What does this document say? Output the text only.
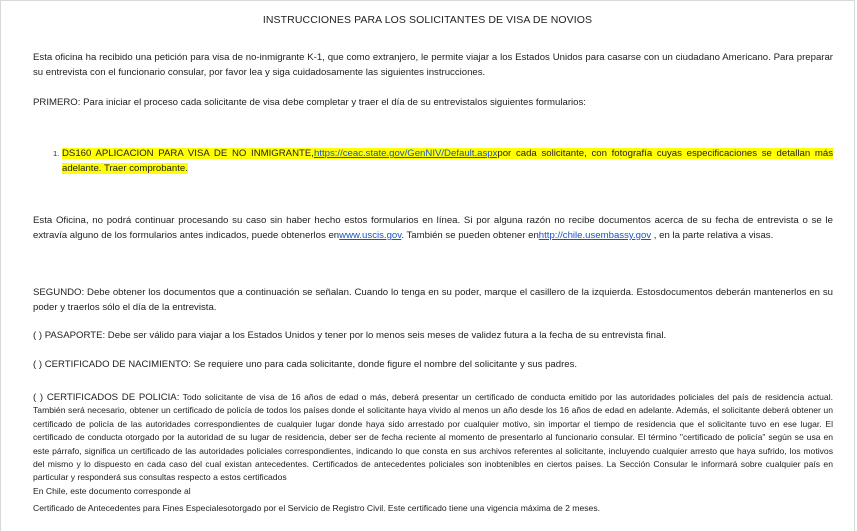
INSTRUCCIONES PARA LOS SOLICITANTES DE VISA DE NOVIOS
Esta oficina ha recibido una petición para visa de no-inmigrante K-1, que como extranjero, le permite viajar a los Estados Unidos para casarse con un ciudadano Americano. Para preparar su entrevista con el funcionario consular, por favor lea y siga cuidadosamente las siguientes instrucciones.
PRIMERO: Para iniciar el proceso cada solicitante de visa debe completar y traer el día de su entrevistalos siguientes formularios:
1. DS160 APLICACION PARA VISA DE NO INMIGRANTE,https://ceac.state.gov/GenNIV/Default.aspxpor cada solicitante, con fotografía cuyas especificaciones se detallan más adelante. Traer comprobante.
Esta Oficina, no podrá continuar procesando su caso sin haber hecho estos formularios en línea. Si por alguna razón no recibe documentos acerca de su fecha de entrevista o se le extravía alguno de los formularios antes indicados, puede obtenerlos enwww.uscis.gov. También se pueden obtener enhttp://chile.usembassy.gov , en la parte relativa a visas.
SEGUNDO: Debe obtener los documentos que a continuación se señalan. Cuando lo tenga en su poder, marque el casillero de la izquierda. Estosdocumentos deberán mantenerlos en su poder y traerlos sólo el día de la entrevista.
( ) PASAPORTE: Debe ser válido para viajar a los Estados Unidos y tener por lo menos seis meses de validez futura a la fecha de su entrevista final.
( ) CERTIFICADO DE NACIMIENTO: Se requiere uno para cada solicitante, donde figure el nombre del solicitante y sus padres.
( ) CERTIFICADOS DE POLICIA: Todo solicitante de visa de 16 años de edad o más, deberá presentar un certificado de conducta emitido por las autoridades policiales del país de residencia actual. También será necesario, obtener un certificado de policía de todos los países donde el solicitante haya vivido al menos un año desde los 16 años de edad en adelante. Además, el solicitante deberá obtener un certificado de policía de las autoridades correspondientes de cualquier lugar donde haya sido arrestado por cualquier motivo, sin importar el tiempo de residencia que el solicitante tuvo en ese lugar. El certificado de conducta otorgado por la autoridad de su lugar de residencia, deber ser de fecha reciente al momento de presentarlo al funcionario consular. El término "certificado de policía" según se usa en este párrafo, significa un certificado de las autoridades policiales correspondientes, indicando lo que consta en sus archivos referentes al solicitante, incluyendo cualquier arresto que haya sufrido, los motivos del mismo y lo dispuesto en cada caso del cual existan antecedentes. Certificados de antecedentes policiales son inobtenibles en ciertos países. La Sección Consular le informará sobre cualquier país en particular y responderá sus consultas respecto a estos certificados
En Chile, este documento corresponde al
Certificado de Antecedentes para Fines Especialesotorgado por el Servicio de Registro Civil. Este certificado tiene una vigencia máxima de 2 meses.
